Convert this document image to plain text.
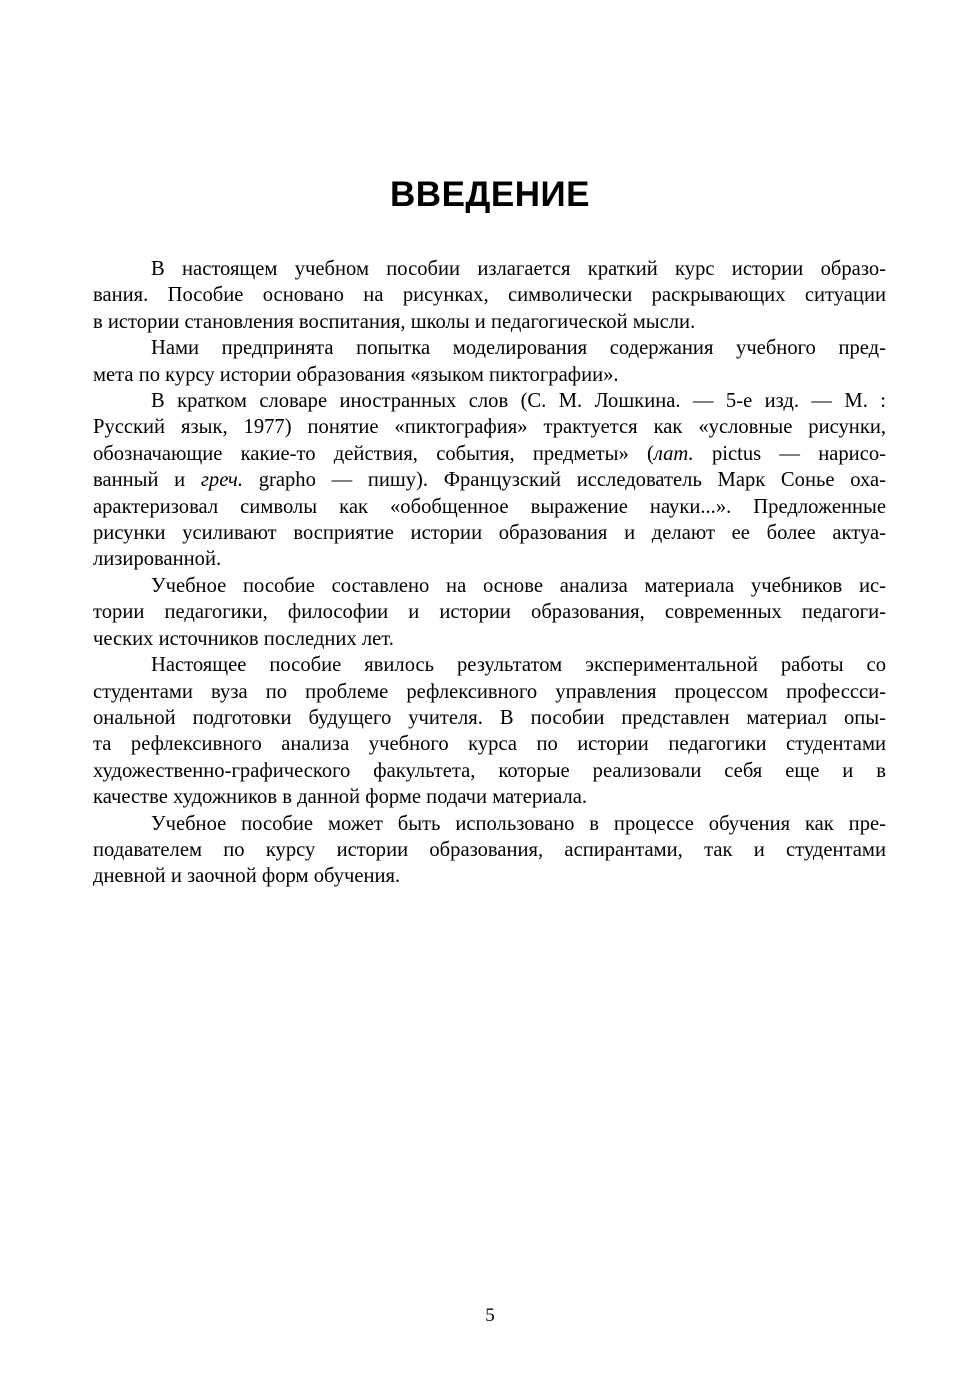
ВВЕДЕНИЕ

В настоящем учебном пособии излагается краткий курс истории образо-
вания. Пособие основано на рисунках, символически раскрывающих ситуации
в истории становления воспитания, школы и педагогической мысли.

Нами предпринята попытка моделирования содержания учебного пред-
мета по курсу истории образования «языком пиктографии».

В кратком словаре иностранных слов (С. М. Лошкина. — 5-е изд. — М. :
Русский язык, 1977) понятие «пиктография» трактуется как «условные рисунки,
обозначающие какие-то действия, события, предметы» (лат. pictus — нарисо-
ванный и греч. grapho — пишу). Французский исследователь Марк Сонье оха-
арактеризовал символы как «обобщенное выражение науки...». Предложенные
рисунки усиливают восприятие истории образования и делают ее более актуа-
лизированной.

Учебное пособие составлено на основе анализа материала учебников ис-
тории педагогики, философии и истории образования, современных педагоги-
ческих источников последних лет.

Настоящее пособие явилось результатом экспериментальной работы со
студентами вуза по проблеме рефлексивного управления процессом профессси-
ональной подготовки будущего учителя. В пособии представлен материал опы-
та рефлексивного анализа учебного курса по истории педагогики студентами
художественно-графического факультета, которые реализовали себя еще и в
качестве художников в данной форме подачи материала.

Учебное пособие может быть использовано в процессе обучения как пре-
подавателем по курсу истории образования, аспирантами, так и студентами
дневной и заочной форм обучения.

5
